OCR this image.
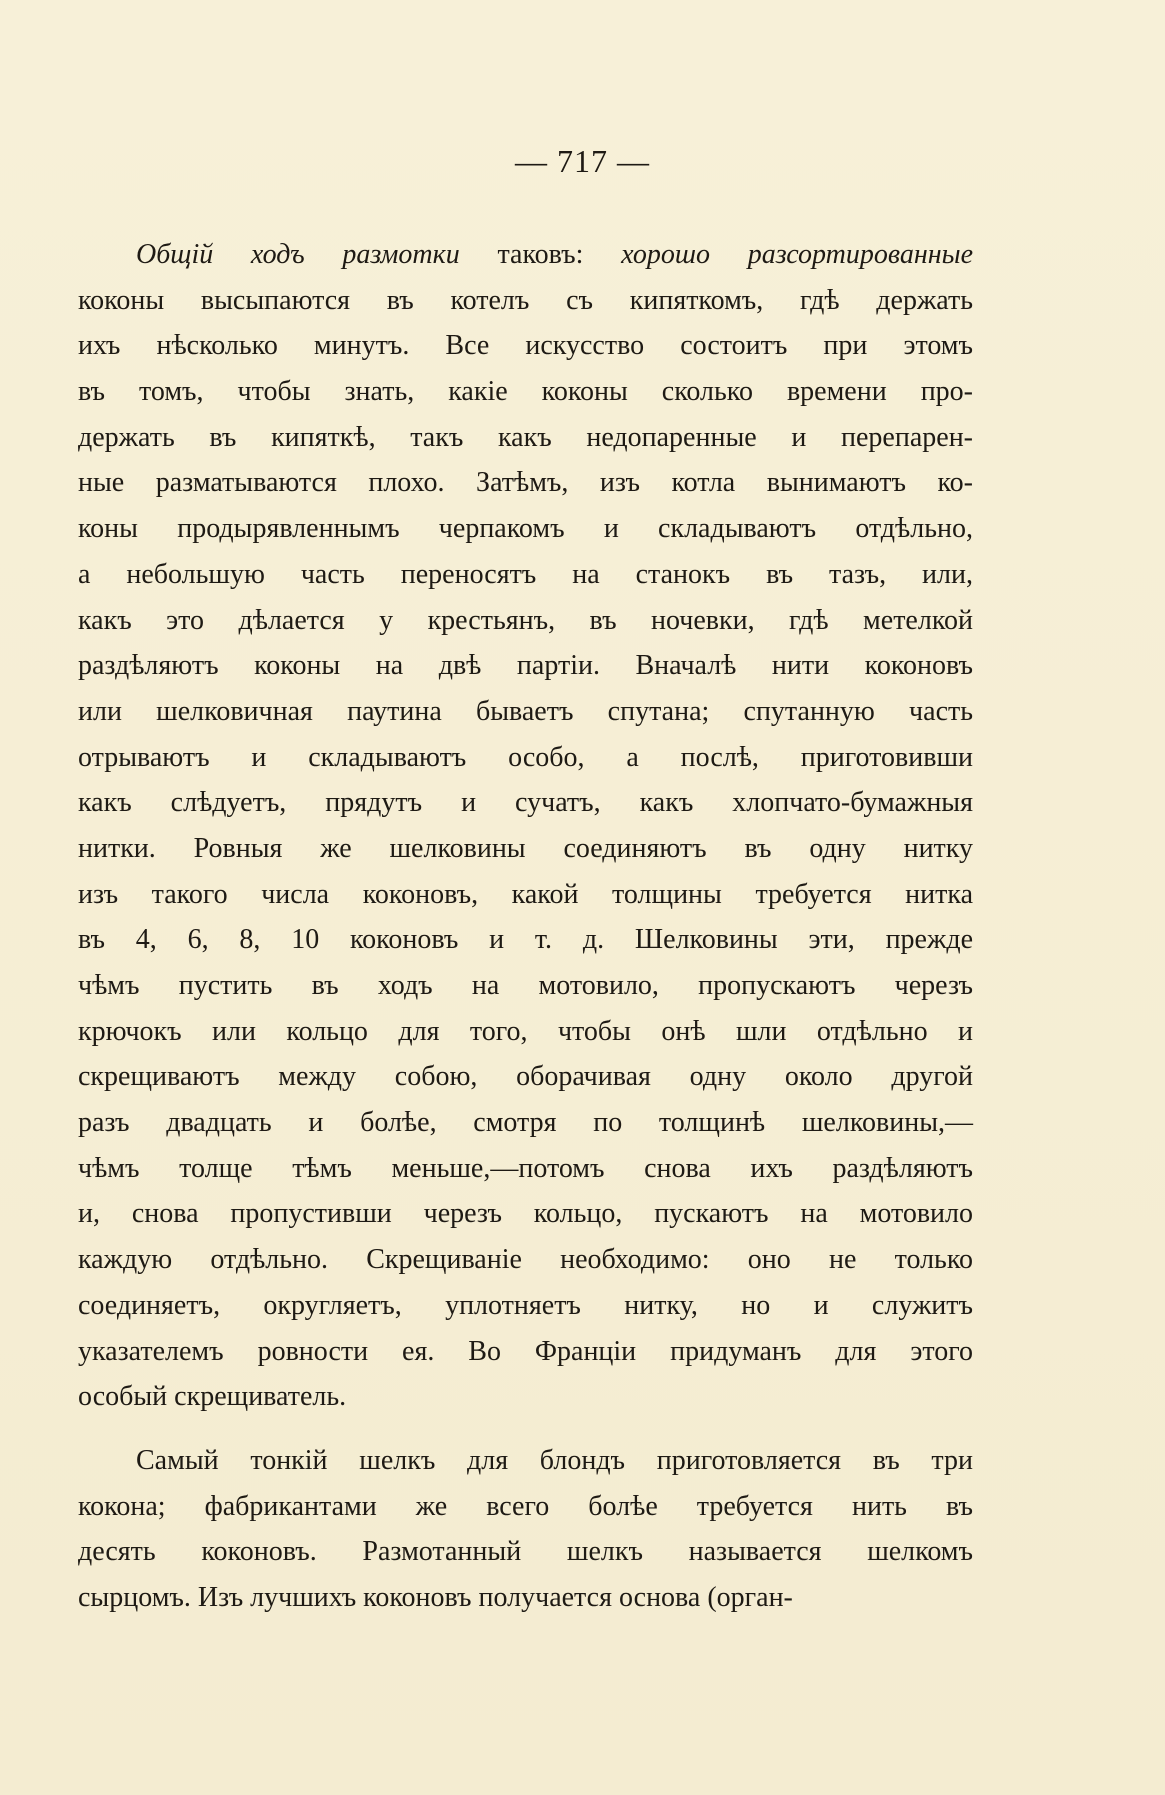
— 717 —
Общій ходъ размотки таковъ: хорошо разсортированные
коконы высыпаются въ котелъ съ кипяткомъ, гдѣ держать
ихъ нѣсколько минутъ. Все искусство состоитъ при этомъ
въ томъ, чтобы знать, какіе коконы сколько времени про-
держать въ кипяткѣ, такъ какъ недопаренные и перепарен-
ные разматываются плохо. Затѣмъ, изъ котла вынимаютъ ко-
коны продырявленнымъ черпакомъ и складываютъ отдѣльно,
а небольшую часть переносятъ на станокъ въ тазъ, или,
какъ это дѣлается у крестьянъ, въ ночевки, гдѣ метелкой
раздѣляютъ коконы на двѣ партіи. Вначалѣ нити коконовъ
или шелковичная паутина бываетъ спутана; спутанную часть
отрываютъ и складываютъ особо, а послѣ, приготовивши
какъ слѣдуетъ, прядутъ и сучатъ, какъ хлопчато-бумажныя
нитки. Ровныя же шелковины соединяютъ въ одну нитку
изъ такого числа коконовъ, какой толщины требуется нитка
въ 4, 6, 8, 10 коконовъ и т. д. Шелковины эти, прежде
чѣмъ пустить въ ходъ на мотовило, пропускаютъ черезъ
крючокъ или кольцо для того, чтобы онѣ шли отдѣльно и
скрещиваютъ между собою, оборачивая одну около другой
разъ двадцать и болѣе, смотря по толщинѣ шелковины,—
чѣмъ толще тѣмъ меньше,—потомъ снова ихъ раздѣляютъ
и, снова пропустивши черезъ кольцо, пускаютъ на мотовило
каждую отдѣльно. Скрещиваніе необходимо: оно не только
соединяетъ, округляетъ, уплотняетъ нитку, но и служитъ
указателемъ ровности ея. Во Франціи придуманъ для этого
особый скрещиватель.
Самый тонкій шелкъ для блондъ приготовляется въ три
кокона; фабрикантами же всего болѣе требуется нить въ
десять коконовъ. Размотанный шелкъ называется шелкомъ
сырцомъ. Изъ лучшихъ коконовъ получается основа (орган-
